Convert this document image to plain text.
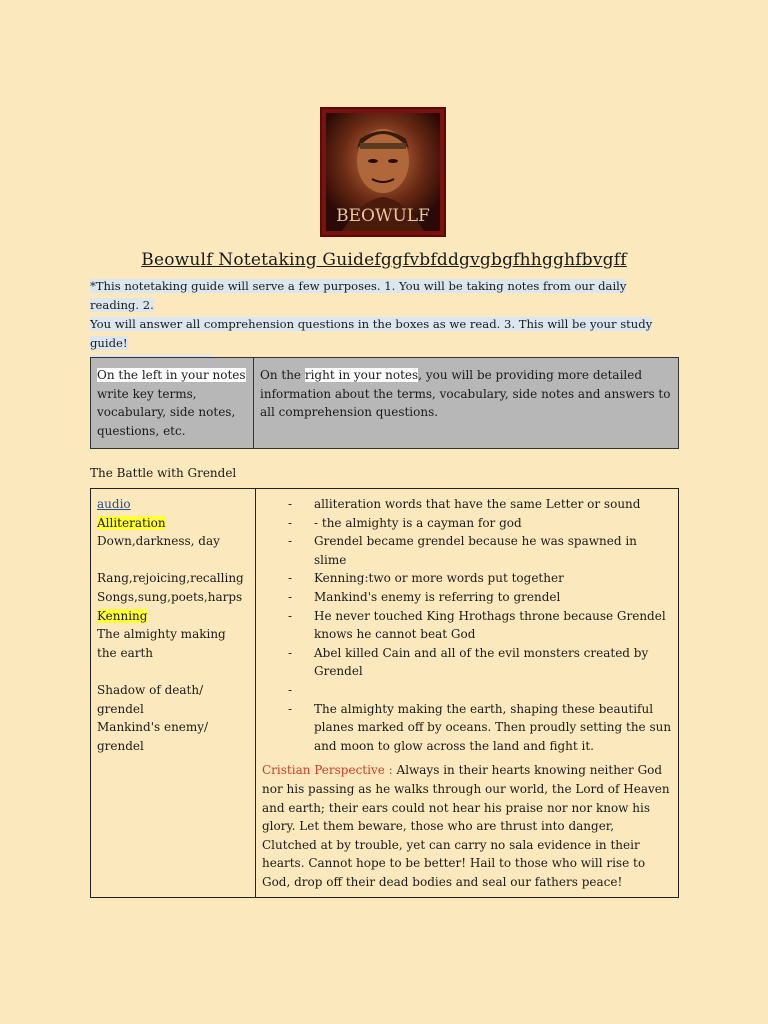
BEOWULF
Beowulf Notetaking Guidefggfvbfddgvgbgfhhgghfbvgff
*This notetaking guide will serve a few purposes. 1. You will be taking notes from our daily reading. 2.
You will answer all comprehension questions in the boxes as we read. 3. This will be your study guide!
On the left in your notes write key terms, vocabulary, side notes, questions, etc.	On the right in your notes, you will be providing more detailed information about the terms, vocabulary, side notes and answers to all comprehension questions.
The Battle with Grendel
audio
Alliteration
Down,darkness, day
Rang,rejoicing,recalling
Songs,sung,poets,harps
Kenning
The almighty making
the earth
Shadow of death/
grendel
Mankind's enemy/
grendel

- alliteration words that have the same Letter or sound
- - the almighty is a cayman for god
- Grendel became grendel because he was spawned in slime
- Kenning:two or more words put together
- Mankind's enemy is referring to grendel
- He never touched King Hrothags throne because Grendel knows he cannot beat God
- Abel killed Cain and all of the evil monsters created by Grendel
-
- The almighty making the earth, shaping these beautiful planes marked off by oceans. Then proudly setting the sun and moon to glow across the land and fight it.
Cristian Perspective : Always in their hearts knowing neither God nor his passing as he walks through our world, the Lord of Heaven and earth; their ears could not hear his praise nor nor know his glory. Let them beware, those who are thrust into danger, Clutched at by trouble, yet can carry no sala evidence in their hearts. Cannot hope to be better! Hail to those who will rise to God, drop off their dead bodies and seal our fathers peace!
